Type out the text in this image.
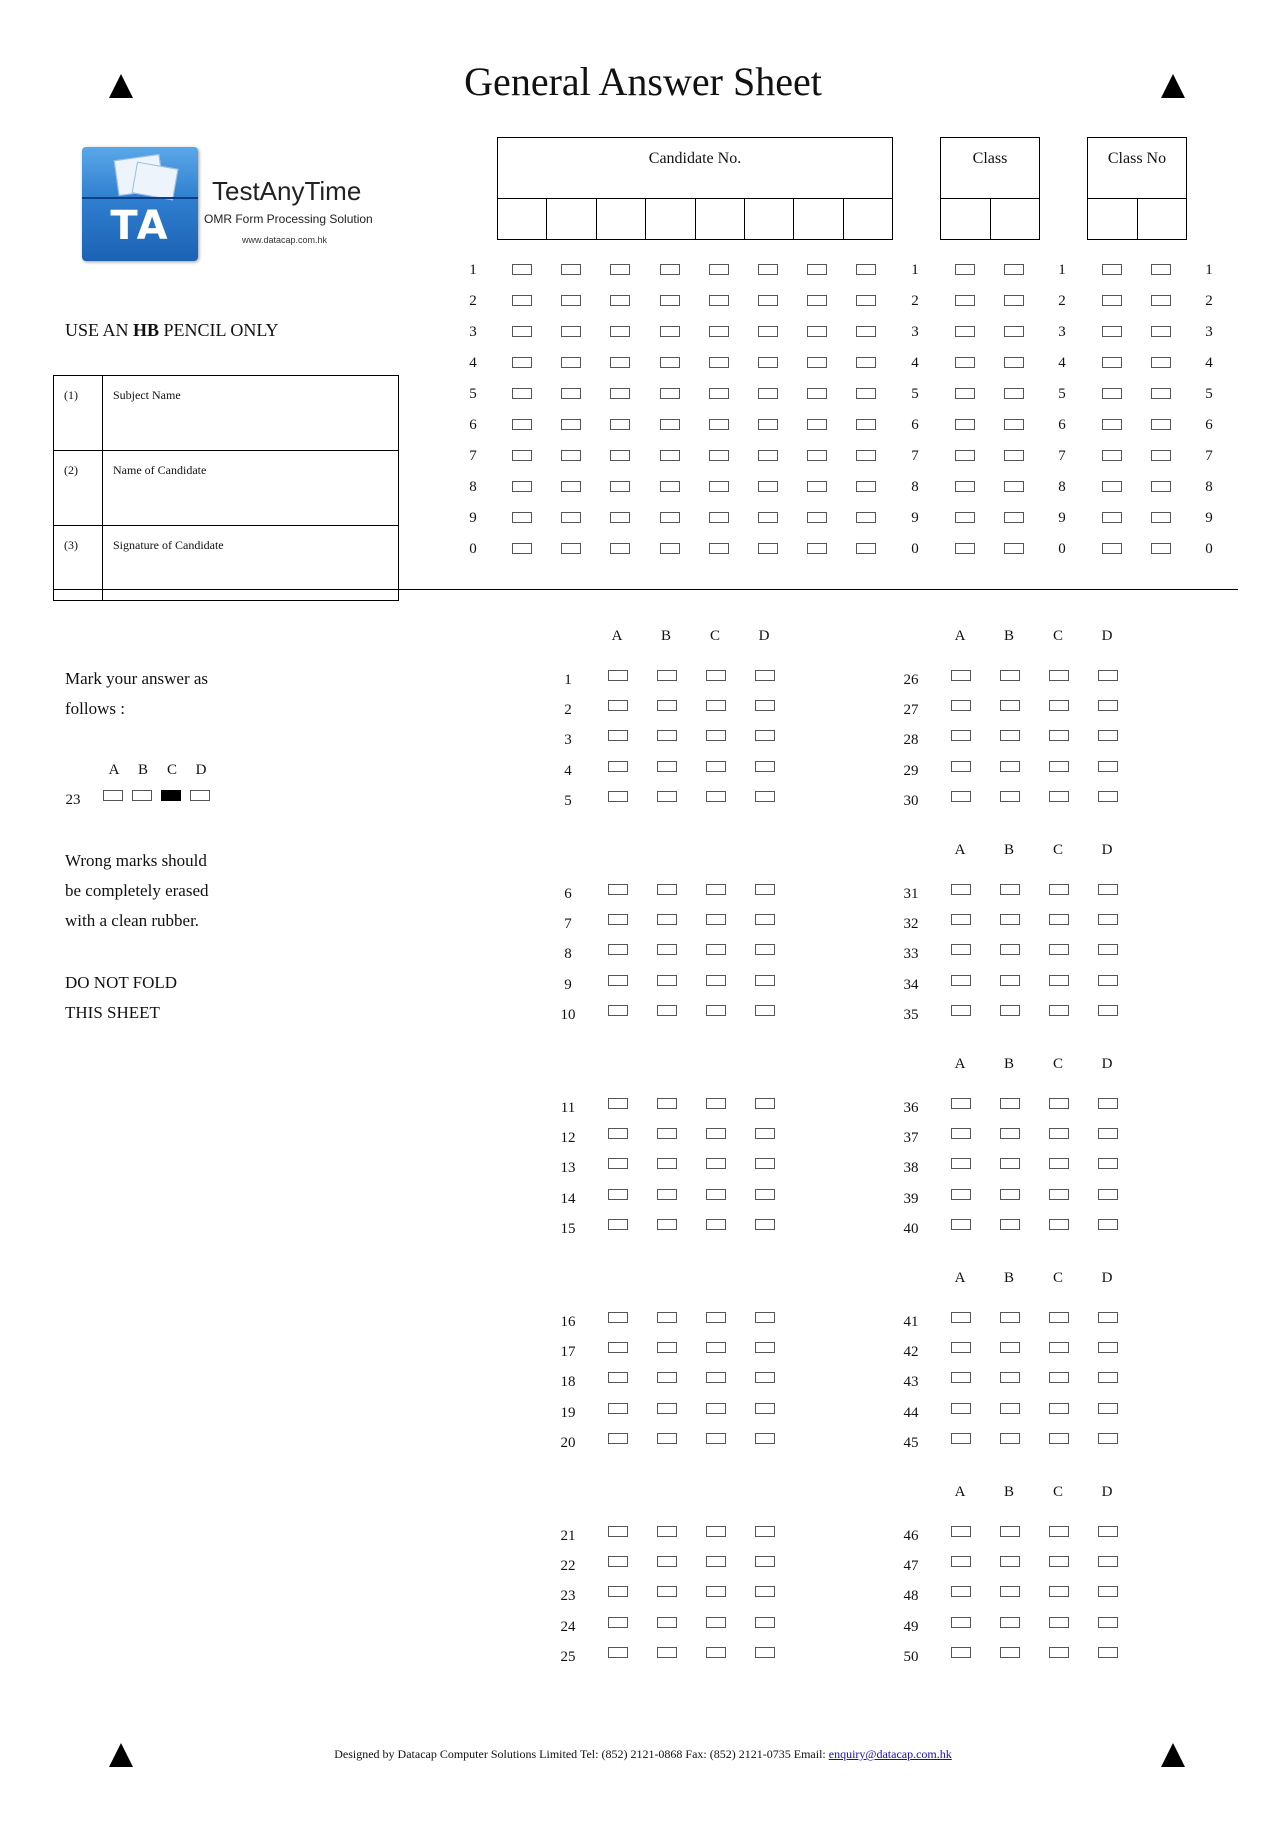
General Answer Sheet
TA
TestAnyTime
OMR Form Processing Solution
www.datacap.com.hk
USE AN HB PENCIL ONLY
(1)	Subject Name
(2)	Name of Candidate
(3)	Signature of Candidate
Candidate No.	Class	Class No
1	1	1	1
2	2	2	2
3	3	3	3
4	4	4	4
5	5	5	5
6	6	6	6
7	7	7	7
8	8	8	8
9	9	9	9
0	0	0	0
Mark your answer as
follows :
A	B	C	D
23
Wrong marks should
be completely erased
with a clean rubber.
DO NOT FOLD
THIS SHEET
A	B	C	D	A	B	C	D
A	B	C	D
A	B	C	D
A	B	C	D
A	B	C	D
1	26
2	27
3	28
4	29
5	30
6	31
7	32
8	33
9	34
10	35
11	36
12	37
13	38
14	39
15	40
16	41
17	42
18	43
19	44
20	45
21	46
22	47
23	48
24	49
25	50
Designed by Datacap Computer Solutions Limited Tel: (852) 2121-0868 Fax: (852) 2121-0735 Email: enquiry@datacap.com.hk
